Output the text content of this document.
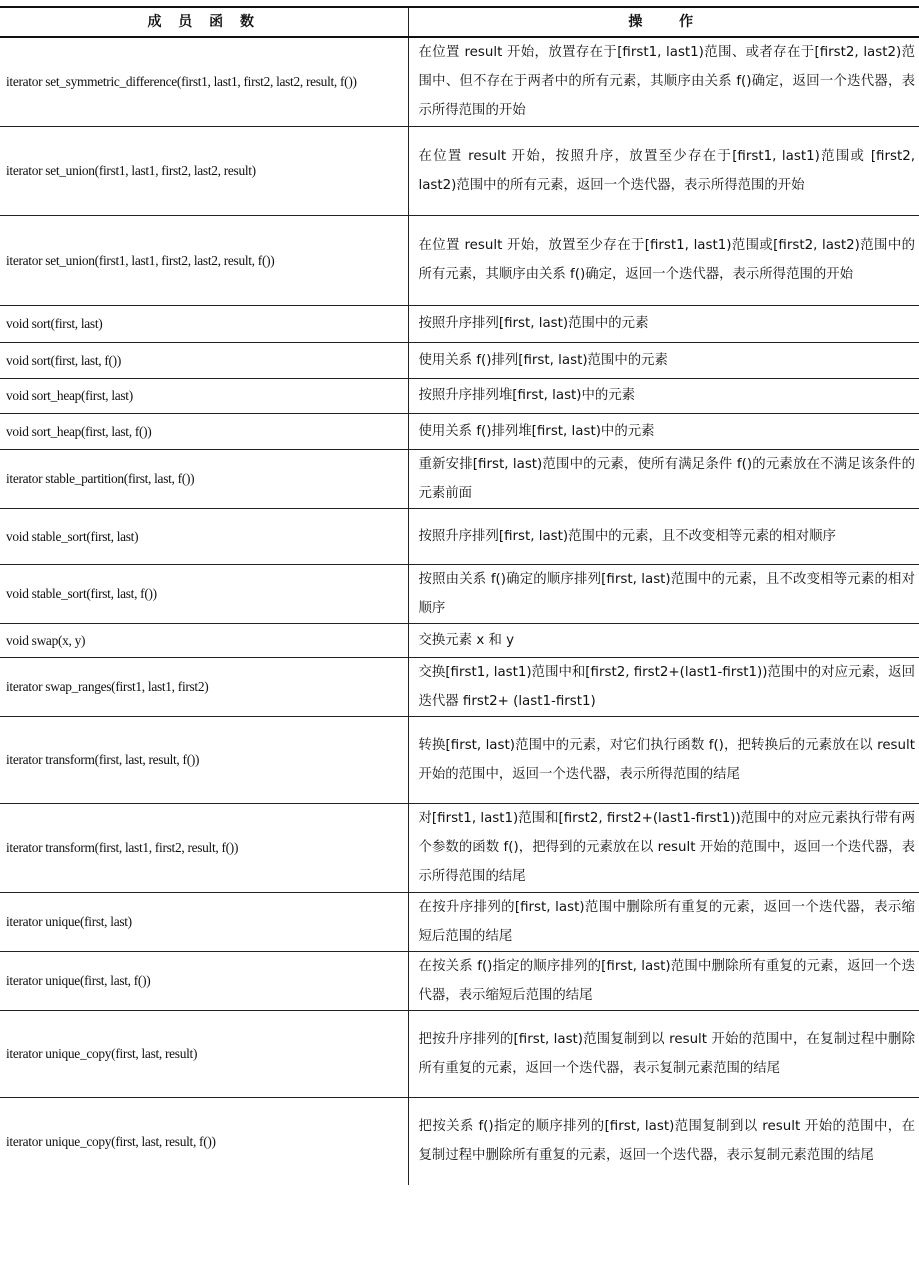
成 员 函 数	操　 作
iterator set_symmetric_difference(first1, last1, first2, last2, result, f())	在位置 result 开始，放置存在于[first1, last1)范围、或者存在于[first2, last2)范围中、但不存在于两者中的所有元素，其顺序由关系 f()确定，返回一个迭代器，表示所得范围的开始
iterator set_union(first1, last1, first2, last2, result)	在位置 result 开始，按照升序，放置至少存在于[first1, last1)范围或 [first2, last2)范围中的所有元素，返回一个迭代器，表示所得范围的开始
iterator set_union(first1, last1, first2, last2, result, f())	在位置 result 开始，放置至少存在于[first1, last1)范围或[first2, last2)范围中的所有元素，其顺序由关系 f()确定，返回一个迭代器，表示所得范围的开始
void sort(first, last)	按照升序排列[first, last)范围中的元素
void sort(first, last, f())	使用关系 f()排列[first, last)范围中的元素
void sort_heap(first, last)	按照升序排列堆[first, last)中的元素
void sort_heap(first, last, f())	使用关系 f()排列堆[first, last)中的元素
iterator stable_partition(first, last, f())	重新安排[first, last)范围中的元素，使所有满足条件 f()的元素放在不满足该条件的元素前面
void stable_sort(first, last)	按照升序排列[first, last)范围中的元素，且不改变相等元素的相对顺序
void stable_sort(first, last, f())	按照由关系 f()确定的顺序排列[first, last)范围中的元素，且不改变相等元素的相对顺序
void swap(x, y)	交换元素 x 和 y
iterator swap_ranges(first1, last1, first2)	交换[first1, last1)范围中和[first2, first2+(last1-first1))范围中的对应元素，返回迭代器 first2+ (last1-first1)
iterator transform(first, last, result, f())	转换[first, last)范围中的元素，对它们执行函数 f()，把转换后的元素放在以 result 开始的范围中，返回一个迭代器，表示所得范围的结尾
iterator transform(first, last1, first2, result, f())	对[first1, last1)范围和[first2, first2+(last1-first1))范围中的对应元素执行带有两个参数的函数 f()，把得到的元素放在以 result 开始的范围中，返回一个迭代器，表示所得范围的结尾
iterator unique(first, last)	在按升序排列的[first, last)范围中删除所有重复的元素，返回一个迭代器，表示缩短后范围的结尾
iterator unique(first, last, f())	在按关系 f()指定的顺序排列的[first, last)范围中删除所有重复的元素，返回一个迭代器，表示缩短后范围的结尾
iterator unique_copy(first, last, result)	把按升序排列的[first, last)范围复制到以 result 开始的范围中，在复制过程中删除所有重复的元素，返回一个迭代器，表示复制元素范围的结尾
iterator unique_copy(first, last, result, f())	把按关系 f()指定的顺序排列的[first, last)范围复制到以 result 开始的范围中，在复制过程中删除所有重复的元素，返回一个迭代器，表示复制元素范围的结尾
